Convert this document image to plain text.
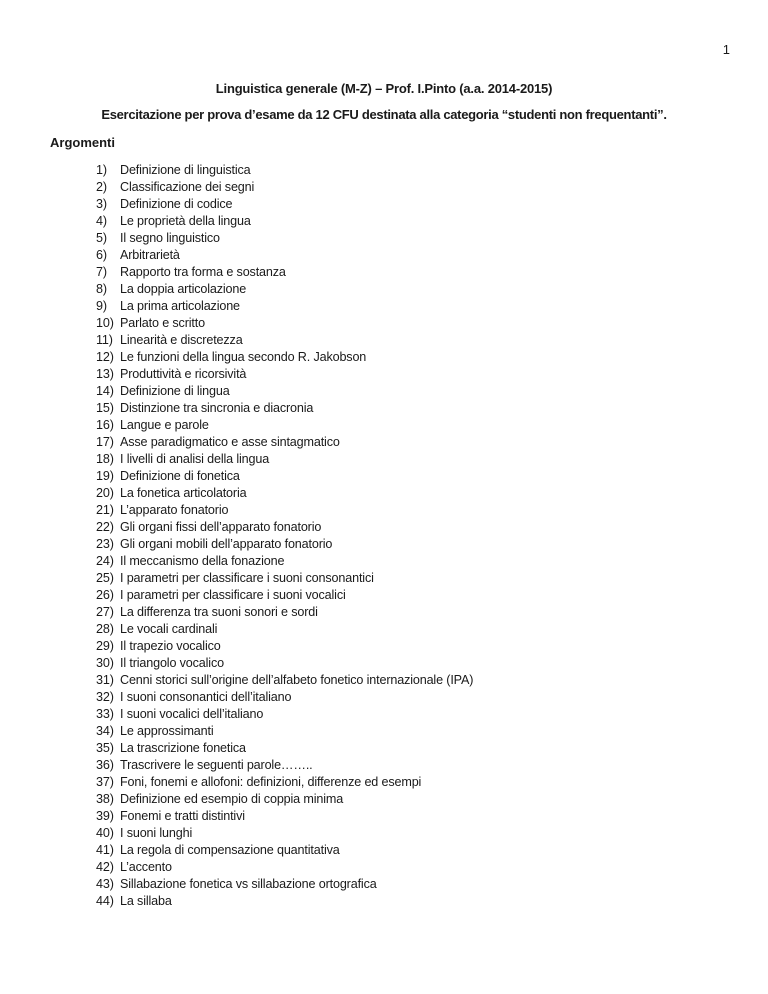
1
Linguistica generale (M-Z) – Prof. I.Pinto (a.a. 2014-2015)
Esercitazione per prova d’esame da 12 CFU destinata alla categoria “studenti non frequentanti”.
Argomenti
1)	Definizione di linguistica
2)	Classificazione dei segni
3)	Definizione di codice
4)	Le proprietà della lingua
5)	Il segno linguistico
6)	Arbitrarietà
7)	Rapporto tra forma e sostanza
8)	La doppia articolazione
9)	La prima articolazione
10) Parlato e scritto
11) Linearità e discretezza
12) Le funzioni della lingua secondo R. Jakobson
13) Produttività e ricorsività
14) Definizione di lingua
15) Distinzione tra sincronia e diacronia
16) Langue e parole
17) Asse paradigmatico e asse sintagmatico
18) I livelli di analisi della lingua
19) Definizione di fonetica
20) La fonetica articolatoria
21) L’apparato fonatorio
22) Gli organi fissi dell’apparato fonatorio
23) Gli organi mobili dell’apparato fonatorio
24) Il meccanismo della fonazione
25) I parametri per classificare i suoni consonantici
26) I parametri per classificare i suoni vocalici
27) La differenza tra suoni sonori e sordi
28) Le vocali cardinali
29) Il trapezio vocalico
30) Il triangolo vocalico
31) Cenni storici sull’origine dell’alfabeto fonetico internazionale (IPA)
32) I suoni consonantici dell’italiano
33) I suoni vocalici dell’italiano
34) Le approssimanti
35) La trascrizione fonetica
36) Trascrivere le seguenti parole……..
37) Foni, fonemi e allofoni: definizioni, differenze ed esempi
38) Definizione ed esempio di coppia minima
39) Fonemi e tratti distintivi
40) I suoni lunghi
41) La regola di compensazione quantitativa
42) L’accento
43) Sillabazione fonetica vs sillabazione ortografica
44) La sillaba
